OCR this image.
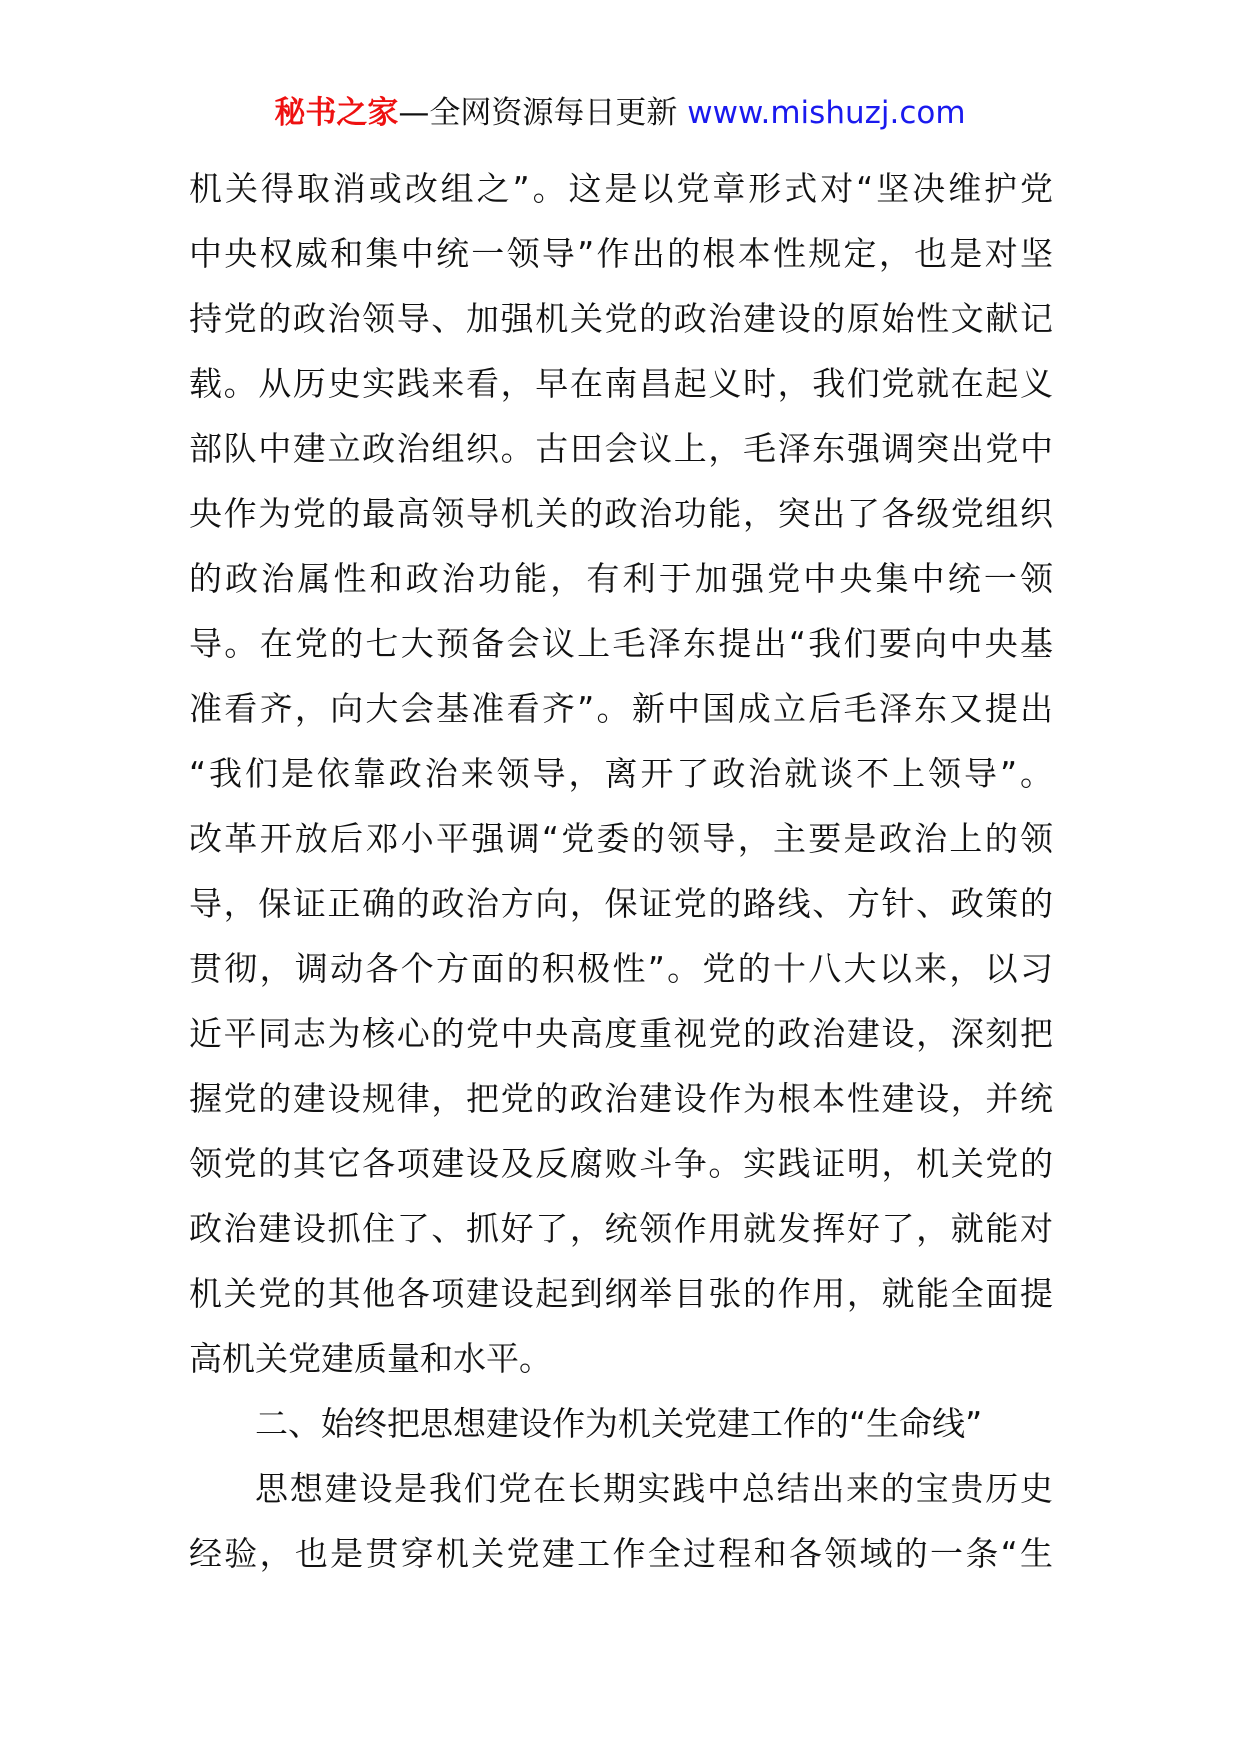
秘书之家—全网资源每日更新 www.mishuzj.com
机关得取消或改组之”。这是以党章形式对“坚决维护党
中央权威和集中统一领导”作出的根本性规定，也是对坚
持党的政治领导、加强机关党的政治建设的原始性文献记
载。从历史实践来看，早在南昌起义时，我们党就在起义
部队中建立政治组织。古田会议上，毛泽东强调突出党中
央作为党的最高领导机关的政治功能，突出了各级党组织
的政治属性和政治功能，有利于加强党中央集中统一领
导。在党的七大预备会议上毛泽东提出“我们要向中央基
准看齐，向大会基准看齐”。新中国成立后毛泽东又提出
“我们是依靠政治来领导，离开了政治就谈不上领导”。
改革开放后邓小平强调“党委的领导，主要是政治上的领
导，保证正确的政治方向，保证党的路线、方针、政策的
贯彻，调动各个方面的积极性”。党的十八大以来，以习
近平同志为核心的党中央高度重视党的政治建设，深刻把
握党的建设规律，把党的政治建设作为根本性建设，并统
领党的其它各项建设及反腐败斗争。实践证明，机关党的
政治建设抓住了、抓好了，统领作用就发挥好了，就能对
机关党的其他各项建设起到纲举目张的作用，就能全面提
高机关党建质量和水平。
二、始终把思想建设作为机关党建工作的“生命线”
思想建设是我们党在长期实践中总结出来的宝贵历史
经验，也是贯穿机关党建工作全过程和各领域的一条“生
